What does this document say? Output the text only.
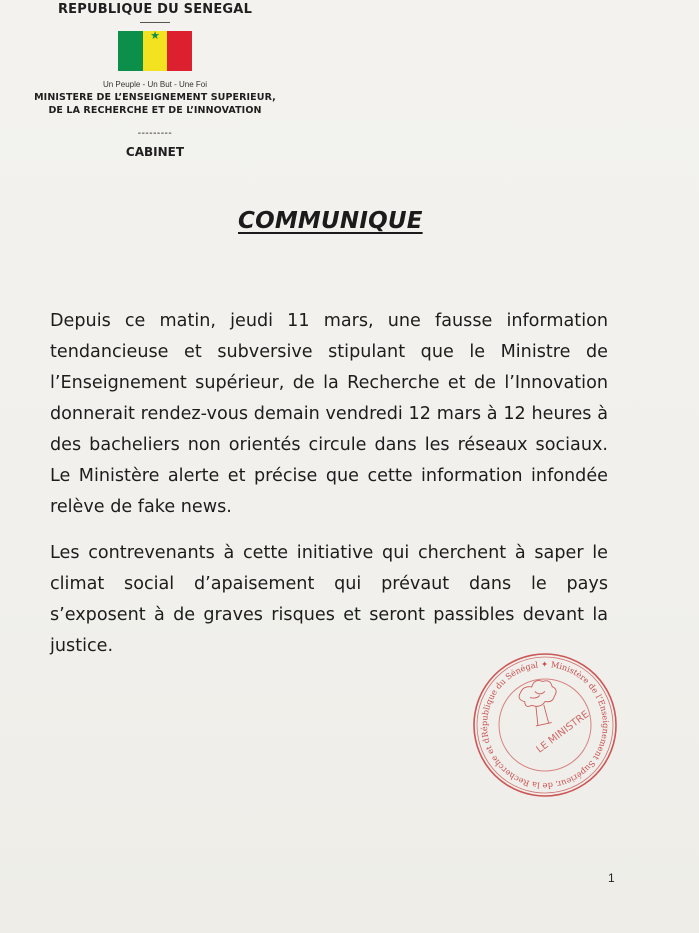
REPUBLIQUE DU SENEGAL
★
Un Peuple - Un But - Une Foi
MINISTERE DE L’ENSEIGNEMENT SUPERIEUR,
DE LA RECHERCHE ET DE L’INNOVATION
---------
CABINET
COMMUNIQUE

Depuis ce matin, jeudi 11 mars, une fausse information tendancieuse et subversive stipulant que le Ministre de l’Enseignement supérieur, de la Recherche et de l’Innovation donnerait rendez-vous demain vendredi 12 mars à 12 heures à des bacheliers non orientés circule dans les réseaux sociaux. Le Ministère alerte et précise que cette information infondée relève de fake news.

Les contrevenants à cette initiative qui cherchent à saper le climat social d’apaisement qui prévaut dans le pays s’exposent à de graves risques et seront passibles devant la justice.

République du Sénégal ✦ Ministère de l’Enseignement Supérieur, de la Recherche et de
LE MINISTRE
1
